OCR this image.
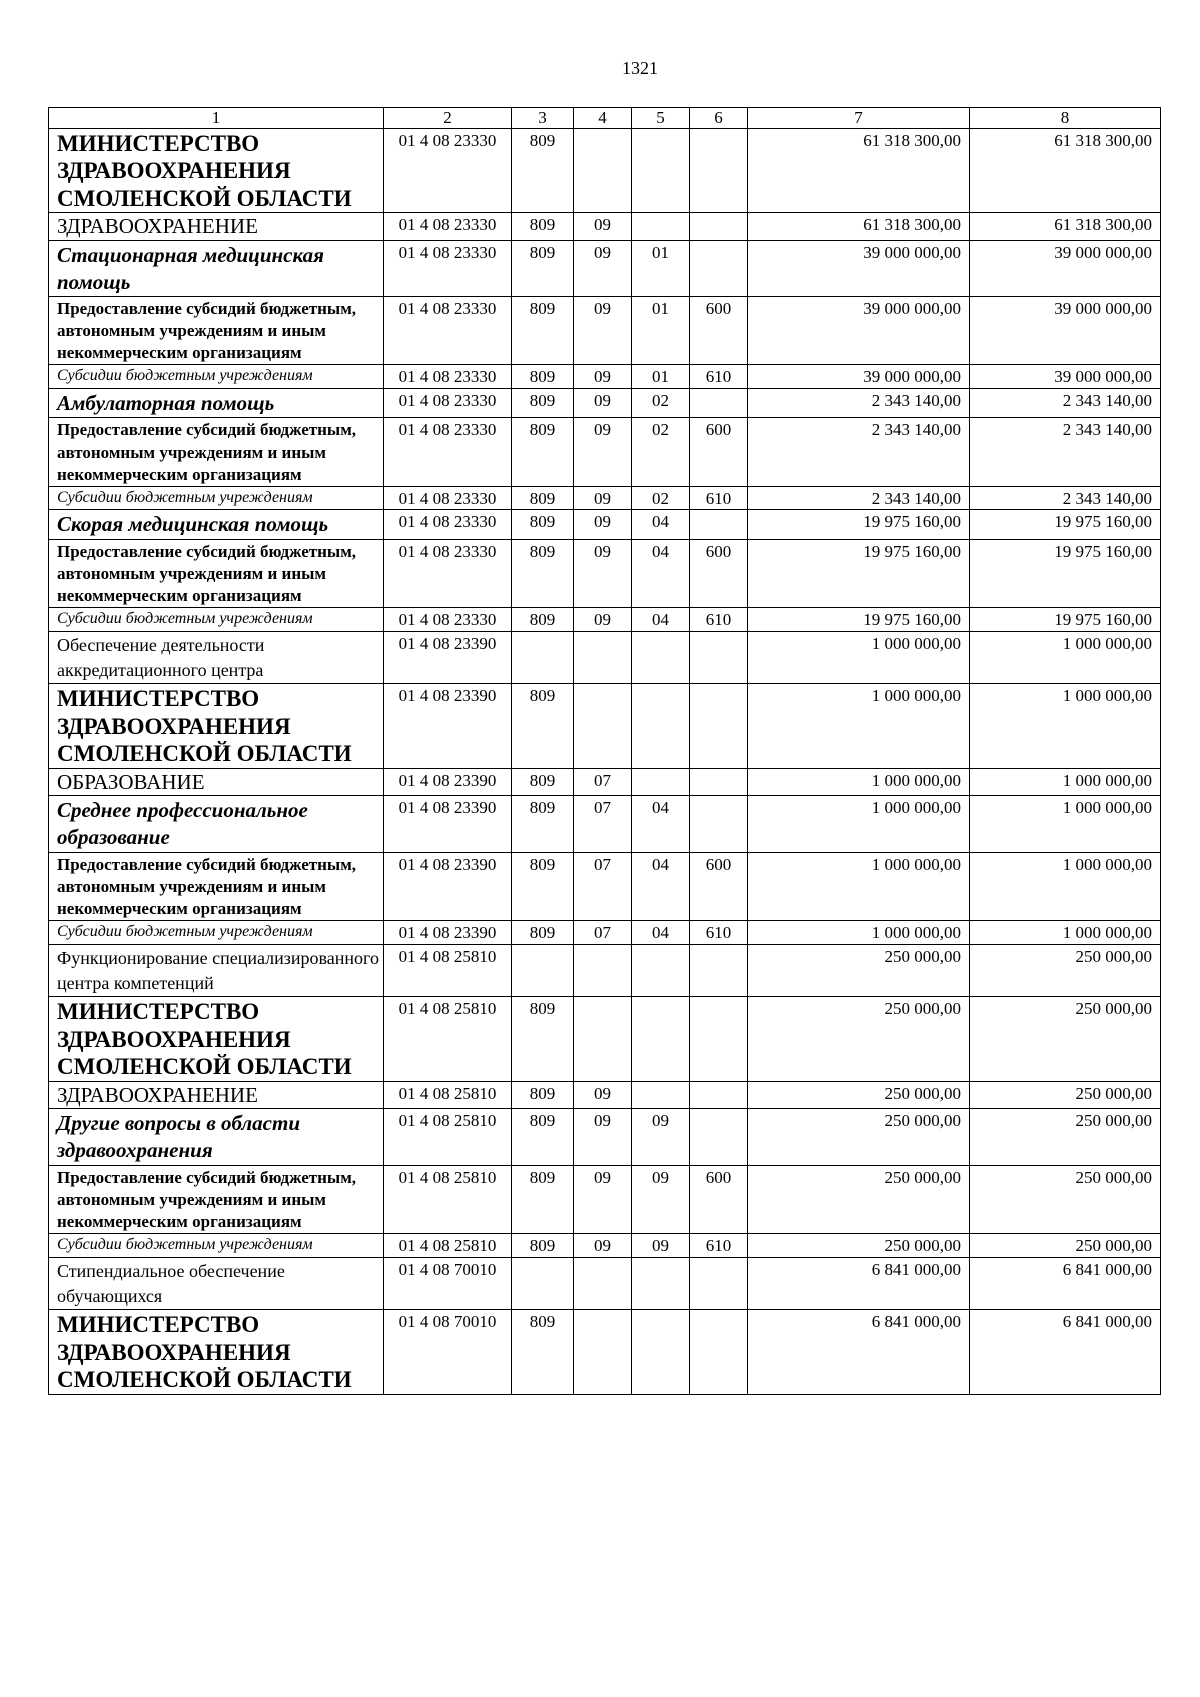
1321
1	2	3	4	5	6	7	8
МИНИСТЕРСТВО ЗДРАВООХРАНЕНИЯ СМОЛЕНСКОЙ ОБЛАСТИ	01 4 08 23330	809				61 318 300,00	61 318 300,00
ЗДРАВООХРАНЕНИЕ	01 4 08 23330	809	09			61 318 300,00	61 318 300,00
Стационарная медицинская помощь	01 4 08 23330	809	09	01		39 000 000,00	39 000 000,00
Предоставление субсидий бюджетным, автономным учреждениям и иным некоммерческим организациям	01 4 08 23330	809	09	01	600	39 000 000,00	39 000 000,00
Субсидии бюджетным учреждениям	01 4 08 23330	809	09	01	610	39 000 000,00	39 000 000,00
Амбулаторная помощь	01 4 08 23330	809	09	02		2 343 140,00	2 343 140,00
Предоставление субсидий бюджетным, автономным учреждениям и иным некоммерческим организациям	01 4 08 23330	809	09	02	600	2 343 140,00	2 343 140,00
Субсидии бюджетным учреждениям	01 4 08 23330	809	09	02	610	2 343 140,00	2 343 140,00
Скорая медицинская помощь	01 4 08 23330	809	09	04		19 975 160,00	19 975 160,00
Предоставление субсидий бюджетным, автономным учреждениям и иным некоммерческим организациям	01 4 08 23330	809	09	04	600	19 975 160,00	19 975 160,00
Субсидии бюджетным учреждениям	01 4 08 23330	809	09	04	610	19 975 160,00	19 975 160,00
Обеспечение деятельности аккредитационного центра	01 4 08 23390					1 000 000,00	1 000 000,00
МИНИСТЕРСТВО ЗДРАВООХРАНЕНИЯ СМОЛЕНСКОЙ ОБЛАСТИ	01 4 08 23390	809				1 000 000,00	1 000 000,00
ОБРАЗОВАНИЕ	01 4 08 23390	809	07			1 000 000,00	1 000 000,00
Среднее профессиональное образование	01 4 08 23390	809	07	04		1 000 000,00	1 000 000,00
Предоставление субсидий бюджетным, автономным учреждениям и иным некоммерческим организациям	01 4 08 23390	809	07	04	600	1 000 000,00	1 000 000,00
Субсидии бюджетным учреждениям	01 4 08 23390	809	07	04	610	1 000 000,00	1 000 000,00
Функционирование специализированного центра компетенций	01 4 08 25810					250 000,00	250 000,00
МИНИСТЕРСТВО ЗДРАВООХРАНЕНИЯ СМОЛЕНСКОЙ ОБЛАСТИ	01 4 08 25810	809				250 000,00	250 000,00
ЗДРАВООХРАНЕНИЕ	01 4 08 25810	809	09			250 000,00	250 000,00
Другие вопросы в области здравоохранения	01 4 08 25810	809	09	09		250 000,00	250 000,00
Предоставление субсидий бюджетным, автономным учреждениям и иным некоммерческим организациям	01 4 08 25810	809	09	09	600	250 000,00	250 000,00
Субсидии бюджетным учреждениям	01 4 08 25810	809	09	09	610	250 000,00	250 000,00
Стипендиальное обеспечение обучающихся	01 4 08 70010					6 841 000,00	6 841 000,00
МИНИСТЕРСТВО ЗДРАВООХРАНЕНИЯ СМОЛЕНСКОЙ ОБЛАСТИ	01 4 08 70010	809				6 841 000,00	6 841 000,00
